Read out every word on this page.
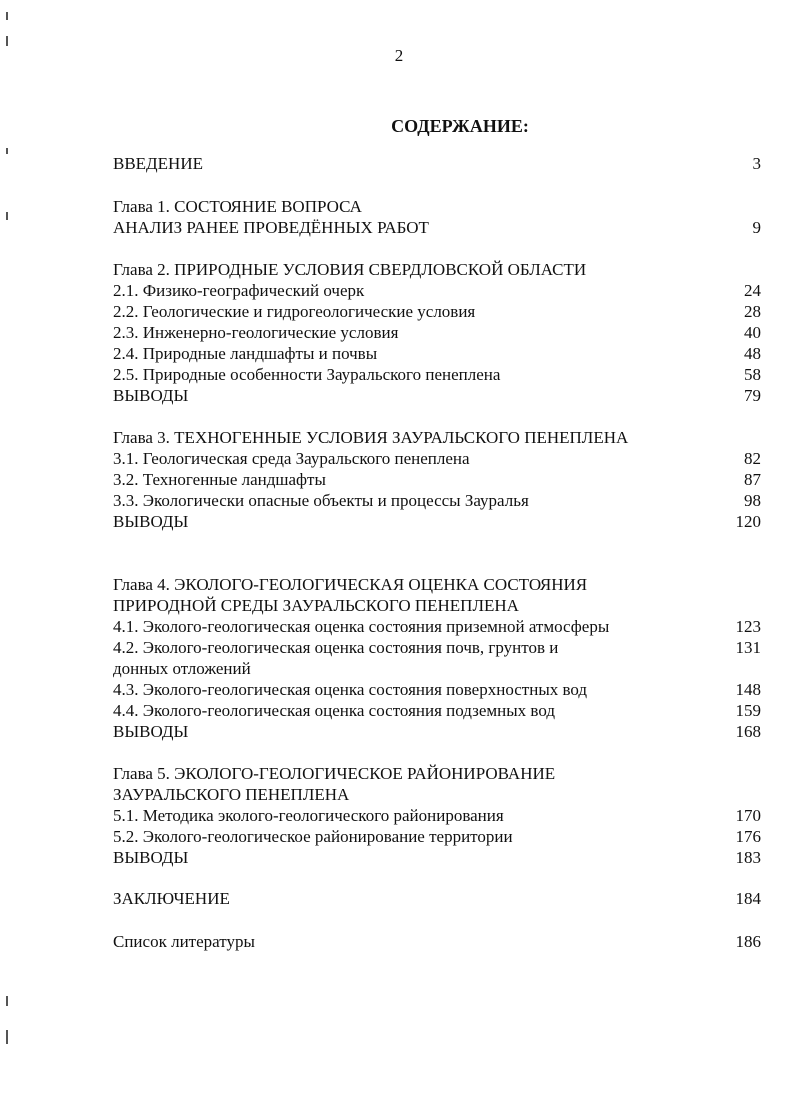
2
СОДЕРЖАНИЕ:
ВВЕДЕНИЕ	3
Глава 1. СОСТОЯНИЕ ВОПРОСА
АНАЛИЗ РАНЕЕ ПРОВЕДЁННЫХ РАБОТ	9
Глава 2. ПРИРОДНЫЕ УСЛОВИЯ СВЕРДЛОВСКОЙ ОБЛАСТИ
2.1. Физико-географический очерк	24
2.2. Геологические и гидрогеологические условия	28
2.3. Инженерно-геологические условия	40
2.4. Природные ландшафты и почвы	48
2.5. Природные особенности Зауральского пенеплена	58
ВЫВОДЫ	79
Глава 3. ТЕХНОГЕННЫЕ УСЛОВИЯ ЗАУРАЛЬСКОГО ПЕНЕПЛЕНА
3.1. Геологическая среда Зауральского пенеплена	82
3.2. Техногенные ландшафты	87
3.3. Экологически опасные объекты и процессы Зауралья	98
ВЫВОДЫ	120
Глава 4. ЭКОЛОГО-ГЕОЛОГИЧЕСКАЯ ОЦЕНКА СОСТОЯНИЯ
ПРИРОДНОЙ СРЕДЫ ЗАУРАЛЬСКОГО ПЕНЕПЛЕНА
4.1. Эколого-геологическая оценка состояния приземной атмосферы	123
4.2. Эколого-геологическая оценка состояния почв, грунтов и	131
донных отложений
4.3. Эколого-геологическая оценка состояния поверхностных вод	148
4.4. Эколого-геологическая оценка состояния подземных вод	159
ВЫВОДЫ	168
Глава 5. ЭКОЛОГО-ГЕОЛОГИЧЕСКОЕ РАЙОНИРОВАНИЕ
ЗАУРАЛЬСКОГО ПЕНЕПЛЕНА
5.1. Методика эколого-геологического районирования	170
5.2. Эколого-геологическое районирование территории	176
ВЫВОДЫ	183
ЗАКЛЮЧЕНИЕ	184
Список литературы	186
